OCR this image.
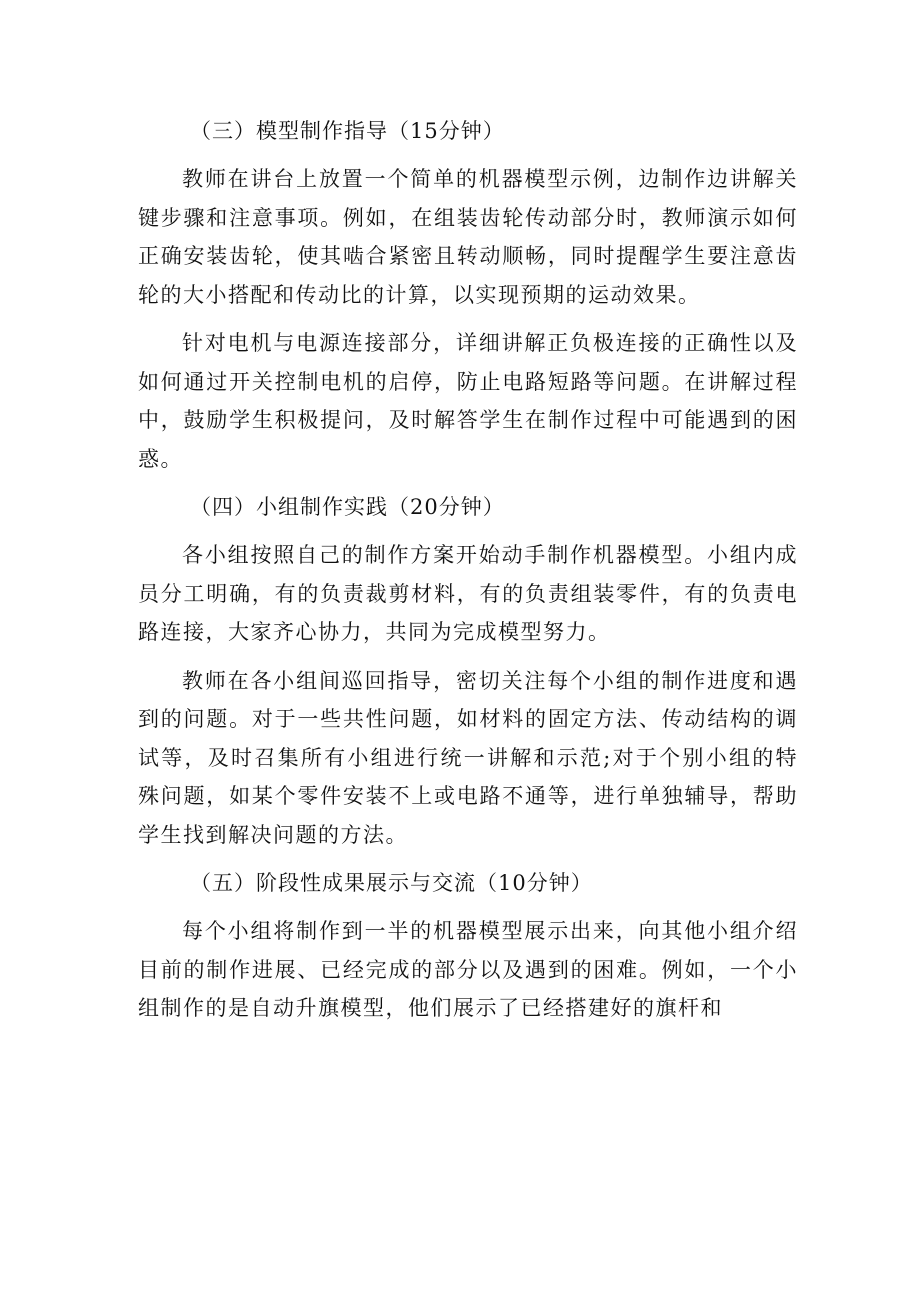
（三）模型制作指导（15分钟）

教师在讲台上放置一个简单的机器模型示例，边制作边讲解关键步骤和注意事项。例如，在组装齿轮传动部分时，教师演示如何正确安装齿轮，使其啮合紧密且转动顺畅，同时提醒学生要注意齿轮的大小搭配和传动比的计算，以实现预期的运动效果。

针对电机与电源连接部分，详细讲解正负极连接的正确性以及如何通过开关控制电机的启停，防止电路短路等问题。在讲解过程中，鼓励学生积极提问，及时解答学生在制作过程中可能遇到的困惑。

（四）小组制作实践（20分钟）

各小组按照自己的制作方案开始动手制作机器模型。小组内成员分工明确，有的负责裁剪材料，有的负责组装零件，有的负责电路连接，大家齐心协力，共同为完成模型努力。

教师在各小组间巡回指导，密切关注每个小组的制作进度和遇到的问题。对于一些共性问题，如材料的固定方法、传动结构的调试等，及时召集所有小组进行统一讲解和示范;对于个别小组的特殊问题，如某个零件安装不上或电路不通等，进行单独辅导，帮助学生找到解决问题的方法。

（五）阶段性成果展示与交流（10分钟）

每个小组将制作到一半的机器模型展示出来，向其他小组介绍目前的制作进展、已经完成的部分以及遇到的困难。例如，一个小组制作的是自动升旗模型，他们展示了已经搭建好的旗杆和
